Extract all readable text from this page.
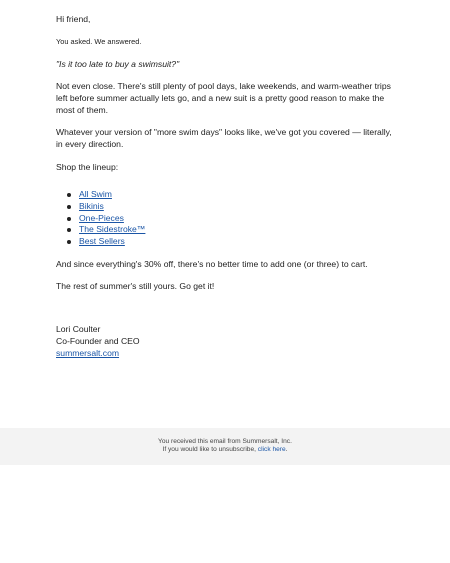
Hi friend,

You asked. We answered.

"Is it too late to buy a swimsuit?"

Not even close. There's still plenty of pool days, lake weekends, and warm-weather trips left before summer actually lets go, and a new suit is a pretty good reason to make the most of them.

Whatever your version of "more swim days" looks like, we've got you covered — literally, in every direction.

Shop the lineup:

All Swim
Bikinis
One-Pieces
The Sidestroke™
Best Sellers

And since everything's 30% off, there's no better time to add one (or three) to cart.

The rest of summer's still yours. Go get it!

Lori Coulter

Co-Founder and CEO

summersalt.com

You received this email from Summersalt, Inc.
If you would like to unsubscribe, click here.
